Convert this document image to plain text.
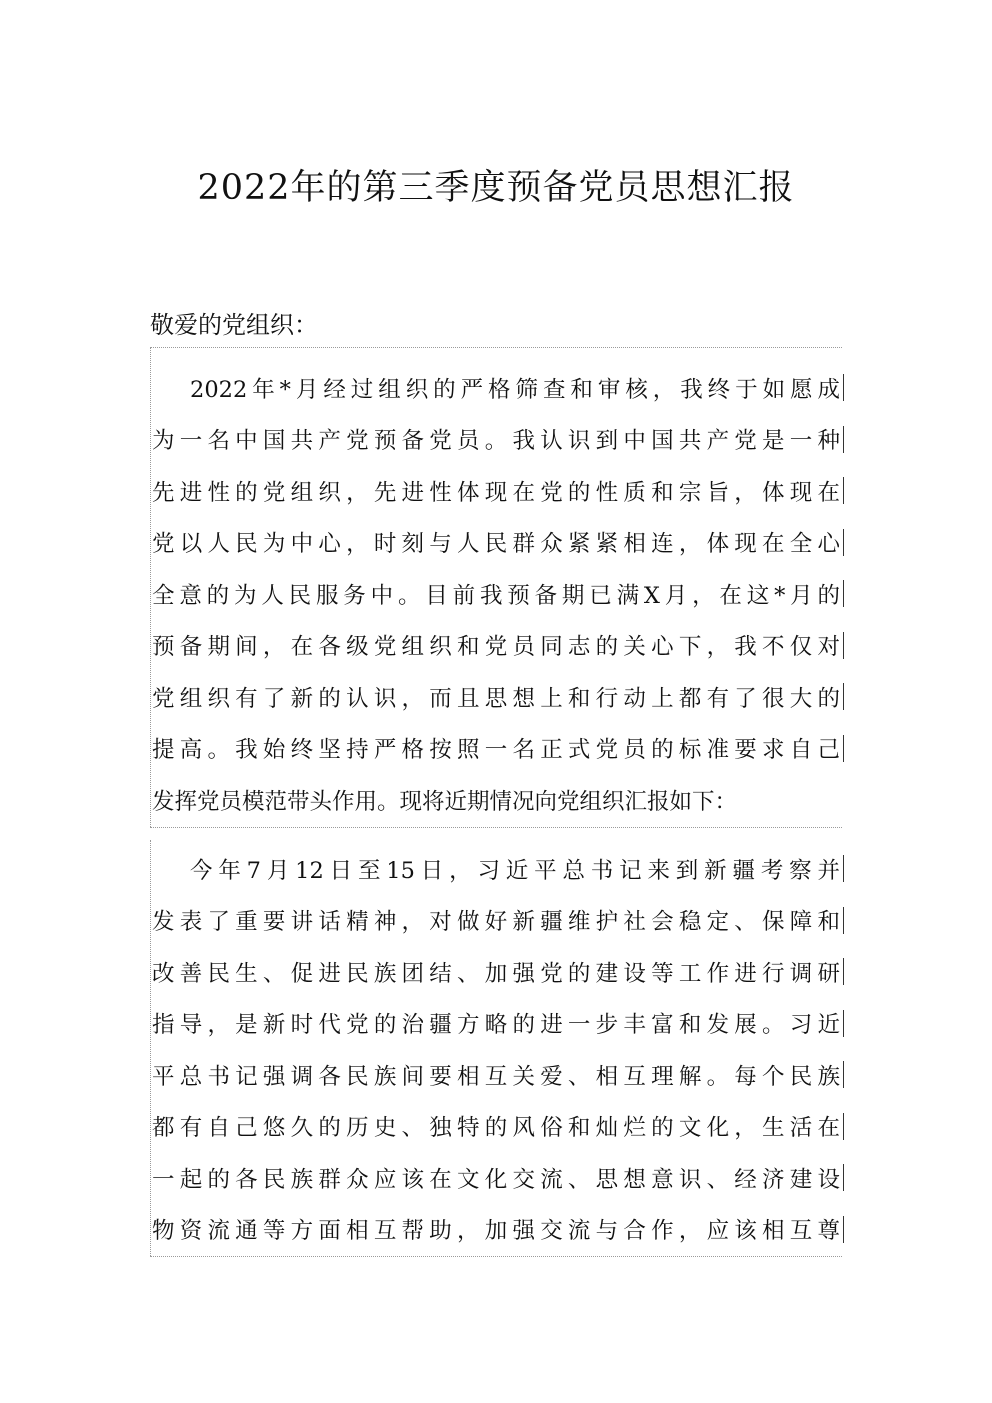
2022年的第三季度预备党员思想汇报

敬爱的党组织：

2022年*月经过组织的严格筛查和审核，我终于如愿成
为一名中国共产党预备党员。我认识到中国共产党是一种
先进性的党组织，先进性体现在党的性质和宗旨，体现在
党以人民为中心，时刻与人民群众紧紧相连，体现在全心
全意的为人民服务中。目前我预备期已满X月，在这*月的
预备期间，在各级党组织和党员同志的关心下，我不仅对
党组织有了新的认识，而且思想上和行动上都有了很大的
提高。我始终坚持严格按照一名正式党员的标准要求自己
发挥党员模范带头作用。现将近期情况向党组织汇报如下：
今年7月12日至15日，习近平总书记来到新疆考察并
发表了重要讲话精神，对做好新疆维护社会稳定、保障和
改善民生、促进民族团结、加强党的建设等工作进行调研
指导，是新时代党的治疆方略的进一步丰富和发展。习近
平总书记强调各民族间要相互关爱、相互理解。每个民族
都有自己悠久的历史、独特的风俗和灿烂的文化，生活在
一起的各民族群众应该在文化交流、思想意识、经济建设
物资流通等方面相互帮助，加强交流与合作，应该相互尊
